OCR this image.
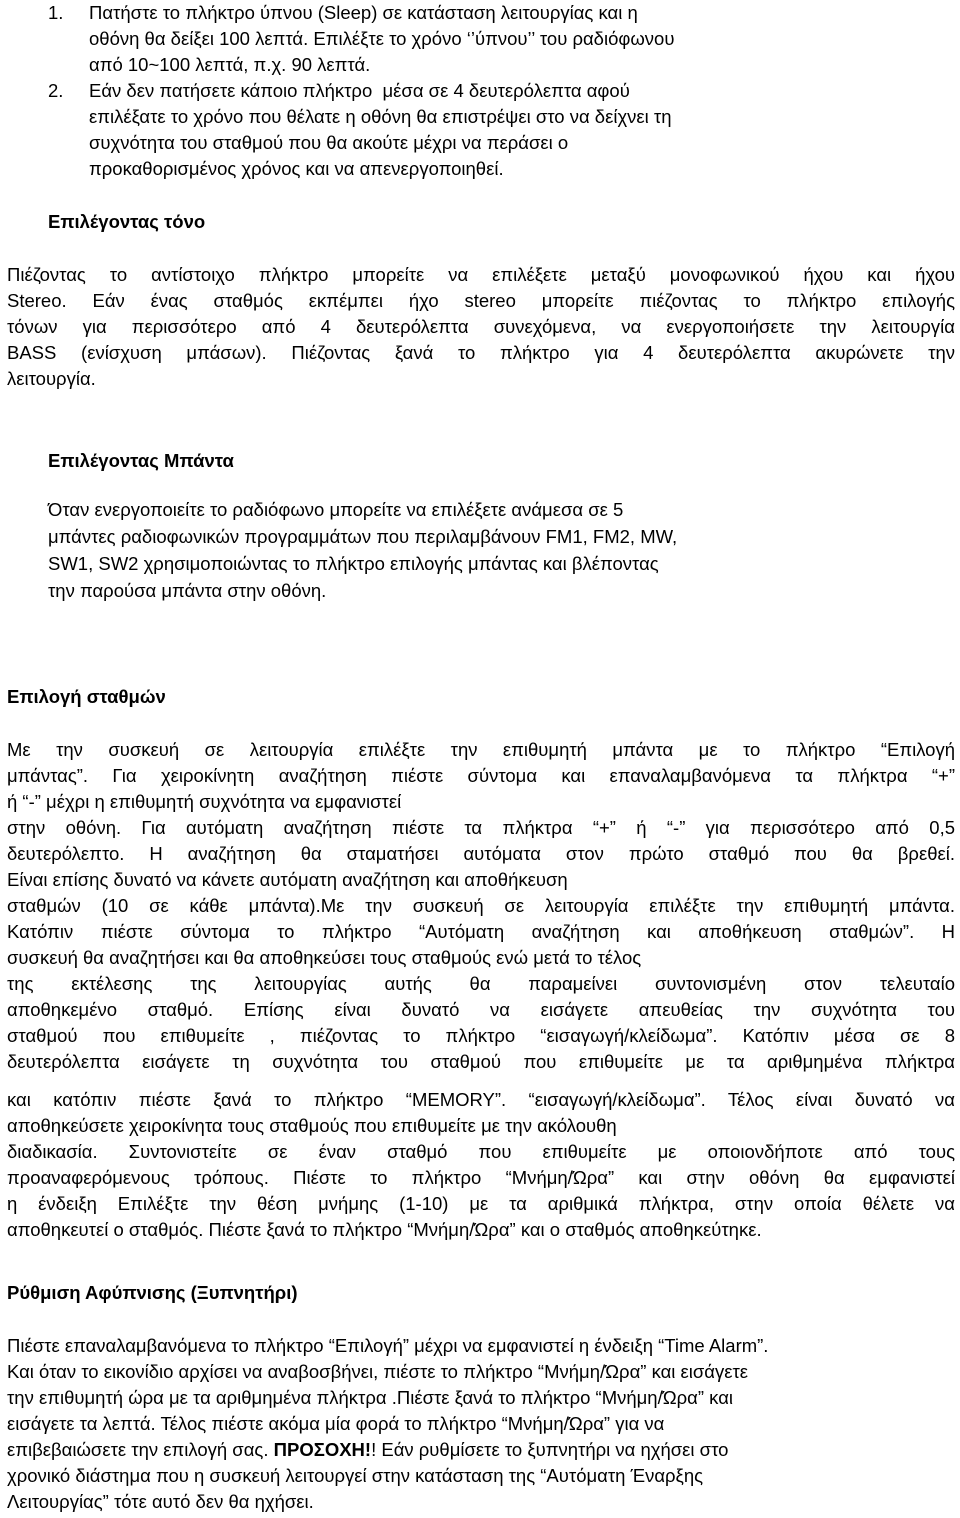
1. Πατήστε το πλήκτρο ύπνου (Sleep) σε κατάσταση λειτουργίας και η
οθόνη θα δείξει 100 λεπτά. Επιλέξτε το χρόνο ‘’ύπνου’’ του ραδιόφωνου
από 10~100 λεπτά, π.χ. 90 λεπτά.
2. Εάν δεν πατήσετε κάποιο πλήκτρο  μέσα σε 4 δευτερόλεπτα αφού
επιλέξατε το χρόνο που θέλατε η οθόνη θα επιστρέψει στο να δείχνει τη
συχνότητα του σταθμού που θα ακούτε μέχρι να περάσει ο
προκαθορισμένος χρόνος και να απενεργοποιηθεί.
Επιλέγοντας τόνο
Πιέζοντας το αντίστοιχο πλήκτρο μπορείτε να επιλέξετε μεταξύ μονοφωνικού ήχου και ήχου
Stereo. Εάν ένας σταθμός εκπέμπει ήχο stereo μπορείτε πιέζοντας το πλήκτρο επιλογής
τόνων για περισσότερο από 4 δευτερόλεπτα συνεχόμενα, να ενεργοποιήσετε την λειτουργία
BASS (ενίσχυση μπάσων). Πιέζοντας ξανά το πλήκτρο για 4 δευτερόλεπτα ακυρώνετε την
λειτουργία.
Επιλέγοντας Μπάντα
Όταν ενεργοποιείτε το ραδιόφωνο μπορείτε να επιλέξετε ανάμεσα σε 5
μπάντες ραδιοφωνικών προγραμμάτων που περιλαμβάνουν FM1, FM2, MW,
SW1, SW2 χρησιμοποιώντας το πλήκτρο επιλογής μπάντας και βλέποντας
την παρούσα μπάντα στην οθόνη.
Επιλογή σταθμών
Με την συσκευή σε λειτουργία επιλέξτε την επιθυμητή μπάντα με το πλήκτρο “Επιλογή
μπάντας”. Για χειροκίνητη αναζήτηση πιέστε σύντομα και επαναλαμβανόμενα τα πλήκτρα “+”
ή “-” μέχρι η επιθυμητή συχνότητα να εμφανιστεί
στην οθόνη. Για αυτόματη αναζήτηση πιέστε τα πλήκτρα “+” ή “-” για περισσότερο από 0,5
δευτερόλεπτο. Η αναζήτηση θα σταματήσει αυτόματα στον πρώτο σταθμό που θα βρεθεί.
Είναι επίσης δυνατό να κάνετε αυτόματη αναζήτηση και αποθήκευση
σταθμών (10 σε κάθε μπάντα).Με την συσκευή σε λειτουργία επιλέξτε την επιθυμητή μπάντα.
Κατόπιν πιέστε σύντομα το πλήκτρο “Αυτόματη αναζήτηση και αποθήκευση σταθμών”. Η
συσκευή θα αναζητήσει και θα αποθηκεύσει τους σταθμούς ενώ μετά το τέλος
της εκτέλεσης της λειτουργίας αυτής θα παραμείνει συντονισμένη στον τελευταίο
αποθηκεμένο σταθμό. Επίσης είναι δυνατό να εισάγετε απευθείας την συχνότητα του
σταθμού που επιθυμείτε , πιέζοντας το πλήκτρο “εισαγωγή/κλείδωμα”. Κατόπιν μέσα σε 8
δευτερόλεπτα εισάγετε τη συχνότητα του σταθμού που επιθυμείτε με τα αριθμημένα πλήκτρα
και κατόπιν πιέστε ξανά το πλήκτρο “MEMORY”. “εισαγωγή/κλείδωμα”. Τέλος είναι δυνατό να
αποθηκεύσετε χειροκίνητα τους σταθμούς που επιθυμείτε με την ακόλουθη
διαδικασία. Συντονιστείτε σε έναν σταθμό που επιθυμείτε με οποιονδήποτε από τους
προαναφερόμενους τρόπους. Πιέστε το πλήκτρο “Μνήμη/Ώρα” και στην οθόνη θα εμφανιστεί
η ένδειξη Επιλέξτε την θέση μνήμης (1-10) με τα αριθμικά πλήκτρα, στην οποία θέλετε να
αποθηκευτεί ο σταθμός. Πιέστε ξανά το πλήκτρο “Μνήμη/Ώρα” και ο σταθμός αποθηκεύτηκε.
Ρύθμιση Αφύπνισης (Ξυπνητήρι)
Πιέστε επαναλαμβανόμενα το πλήκτρο “Επιλογή” μέχρι να εμφανιστεί η ένδειξη “Time Alarm”.
Και όταν το εικονίδιο αρχίσει να αναβοσβήνει, πιέστε το πλήκτρο “Μνήμη/Ώρα” και εισάγετε
την επιθυμητή ώρα με τα αριθμημένα πλήκτρα .Πιέστε ξανά το πλήκτρο “Μνήμη/Ώρα” και
εισάγετε τα λεπτά. Τέλος πιέστε ακόμα μία φορά το πλήκτρο “Μνήμη/Ώρα” για να
επιβεβαιώσετε την επιλογή σας. ΠΡΟΣΟΧΗ!! Εάν ρυθμίσετε το ξυπνητήρι να ηχήσει στο
χρονικό διάστημα που η συσκευή λειτουργεί στην κατάσταση της “Αυτόματη Έναρξης
Λειτουργίας” τότε αυτό δεν θα ηχήσει.
